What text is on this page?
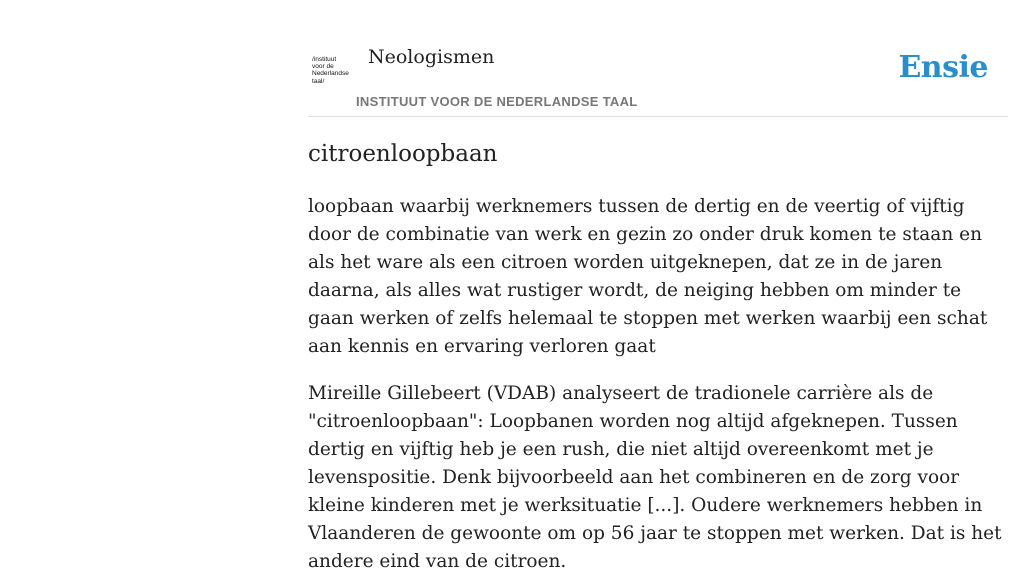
/instituut
voor de
Nederlandse
taal/
Neologismen
INSTITUUT VOOR DE NEDERLANDSE TAAL
Ensie
citroenloopbaan

loopbaan waarbij werknemers tussen de dertig en de veertig of vijftig door de combinatie van werk en gezin zo onder druk komen te staan en als het ware als een citroen worden uitgeknepen, dat ze in de jaren daarna, als alles wat rustiger wordt, de neiging hebben om minder te gaan werken of zelfs helemaal te stoppen met werken waarbij een schat aan kennis en ervaring verloren gaat

Mireille Gillebeert (VDAB) analyseert de tradionele carrière als de "citroenloopbaan": Loopbanen worden nog altijd afgeknepen. Tussen dertig en vijftig heb je een rush, die niet altijd overeenkomt met je levenspositie. Denk bijvoorbeeld aan het combineren en de zorg voor kleine kinderen met je werksituatie [...]. Oudere werknemers hebben in Vlaanderen de gewoonte om op 56 jaar te stoppen met werken. Dat is het andere eind van de citroen.
